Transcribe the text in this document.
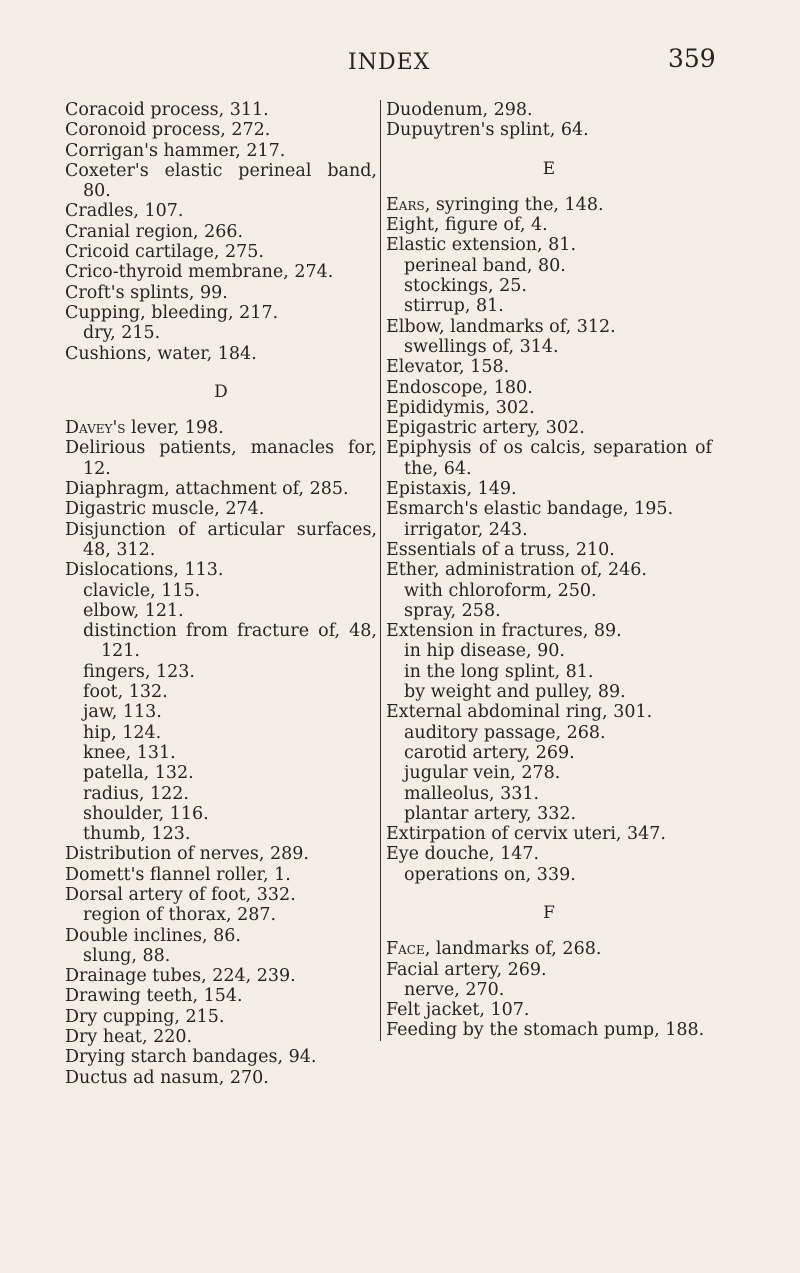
INDEX	359
Coracoid process, 311.
Coronoid process, 272.
Corrigan's hammer, 217.
Coxeter's elastic perineal band, 80.
Cradles, 107.
Cranial region, 266.
Cricoid cartilage, 275.
Crico-thyroid membrane, 274.
Croft's splints, 99.
Cupping, bleeding, 217.
dry, 215.
Cushions, water, 184.
D
Davey's lever, 198.
Delirious patients, manacles for, 12.
Diaphragm, attachment of, 285.
Digastric muscle, 274.
Disjunction of articular surfaces, 48, 312.
Dislocations, 113.
clavicle, 115.
elbow, 121.
distinction from fracture of, 48, 121.
fingers, 123.
foot, 132.
jaw, 113.
hip, 124.
knee, 131.
patella, 132.
radius, 122.
shoulder, 116.
thumb, 123.
Distribution of nerves, 289.
Domett's flannel roller, 1.
Dorsal artery of foot, 332.
region of thorax, 287.
Double inclines, 86.
slung, 88.
Drainage tubes, 224, 239.
Drawing teeth, 154.
Dry cupping, 215.
Dry heat, 220.
Drying starch bandages, 94.
Ductus ad nasum, 270.
Duodenum, 298.
Dupuytren's splint, 64.
E
Ears, syringing the, 148.
Eight, figure of, 4.
Elastic extension, 81.
perineal band, 80.
stockings, 25.
stirrup, 81.
Elbow, landmarks of, 312.
swellings of, 314.
Elevator, 158.
Endoscope, 180.
Epididymis, 302.
Epigastric artery, 302.
Epiphysis of os calcis, separation of the, 64.
Epistaxis, 149.
Esmarch's elastic bandage, 195.
irrigator, 243.
Essentials of a truss, 210.
Ether, administration of, 246.
with chloroform, 250.
spray, 258.
Extension in fractures, 89.
in hip disease, 90.
in the long splint, 81.
by weight and pulley, 89.
External abdominal ring, 301.
auditory passage, 268.
carotid artery, 269.
jugular vein, 278.
malleolus, 331.
plantar artery, 332.
Extirpation of cervix uteri, 347.
Eye douche, 147.
operations on, 339.
F
Face, landmarks of, 268.
Facial artery, 269.
nerve, 270.
Felt jacket, 107.
Feeding by the stomach pump, 188.
